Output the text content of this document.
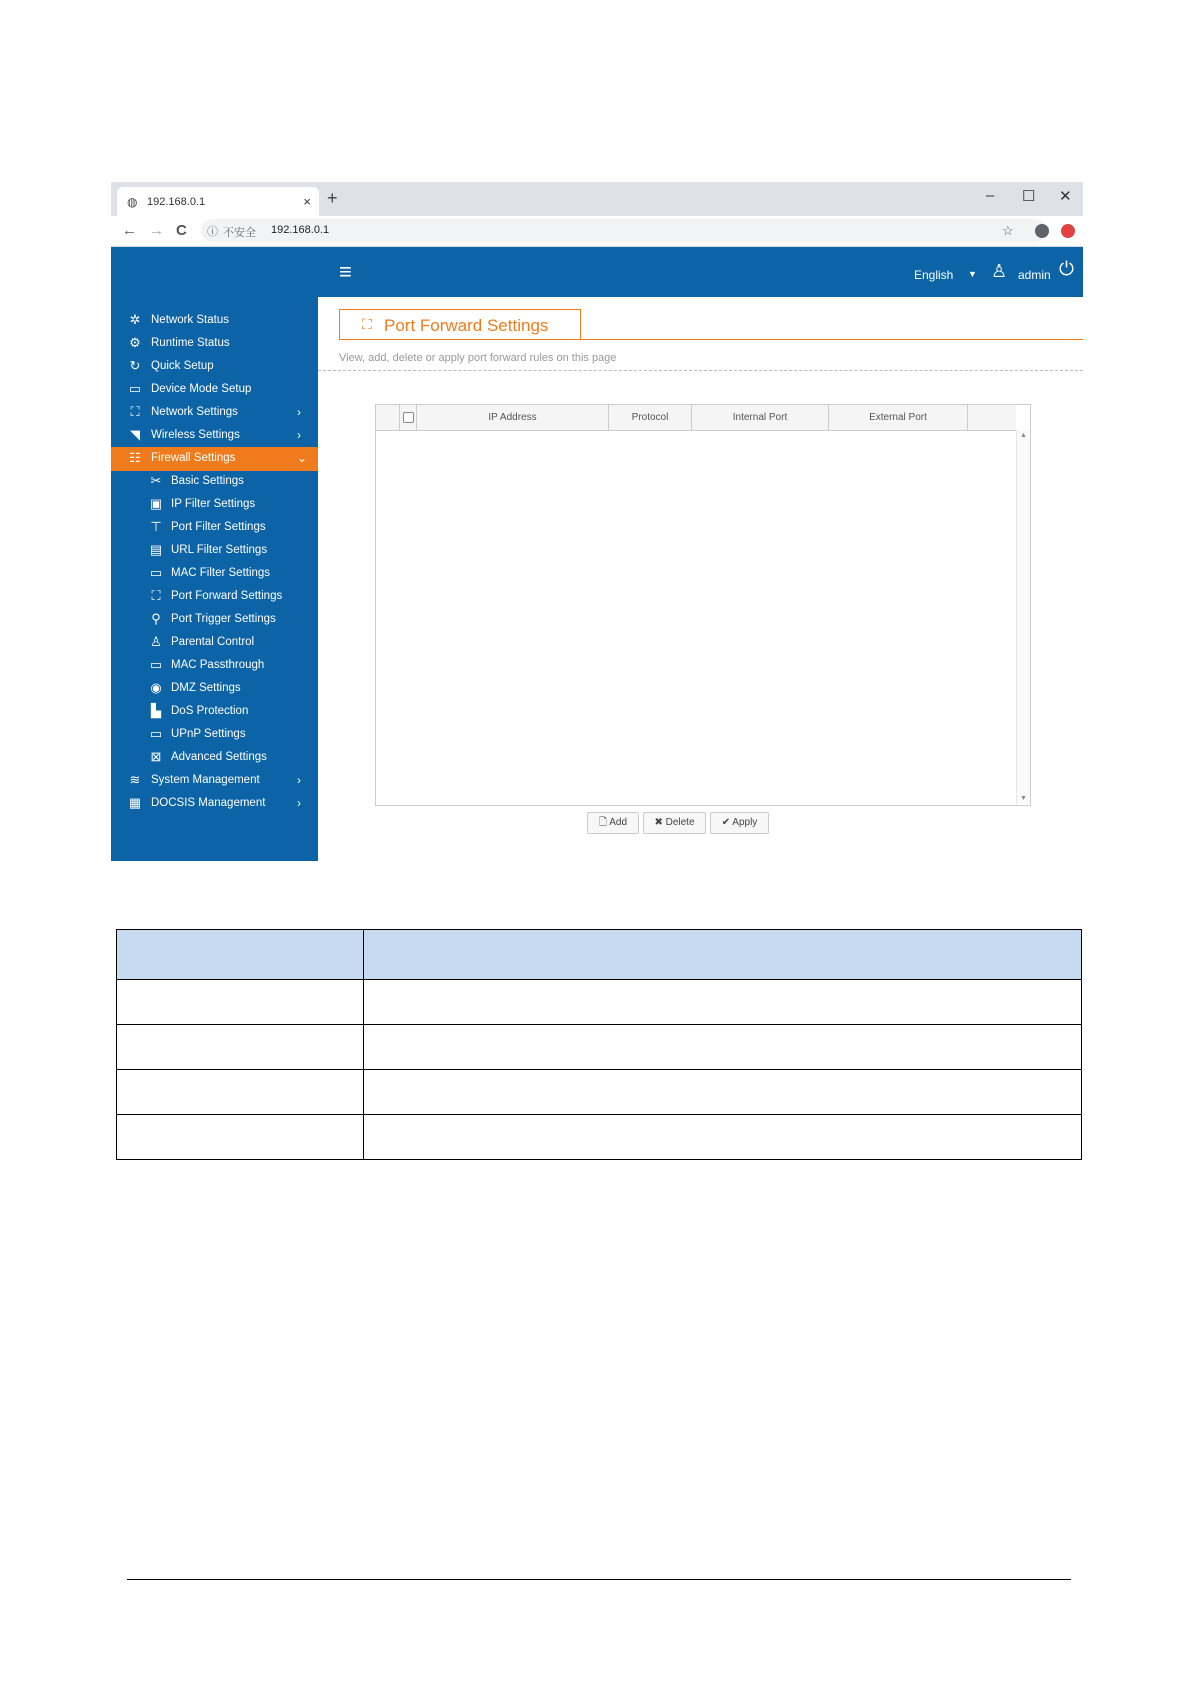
◍ 192.168.0.1	× +	– ☐ ✕
← → C ⓘ 不安全 192.168.0.1	☆
≡	English ▼ ♙ admin ⏻
✲ Network Status
⚙ Runtime Status
↻ Quick Setup
▭ Device Mode Setup
⛶ Network Settings	›
◥ Wireless Settings	›
☷ Firewall Settings	⌄
✂ Basic Settings
▣ IP Filter Settings
⊤ Port Filter Settings
▤ URL Filter Settings
▭ MAC Filter Settings
⛶ Port Forward Settings
⚲ Port Trigger Settings
♙ Parental Control
▭ MAC Passthrough
◉ DMZ Settings
▙ DoS Protection
▭ UPnP Settings
⊠ Advanced Settings
≋ System Management	›
▦ DOCSIS Management	›
⛶ Port Forward Settings
View, add, delete or apply port forward rules on this page
IP Address	Protocol	Internal Port	External Port
▲
▼
🗋 Add	✖ Delete	✔ Apply
